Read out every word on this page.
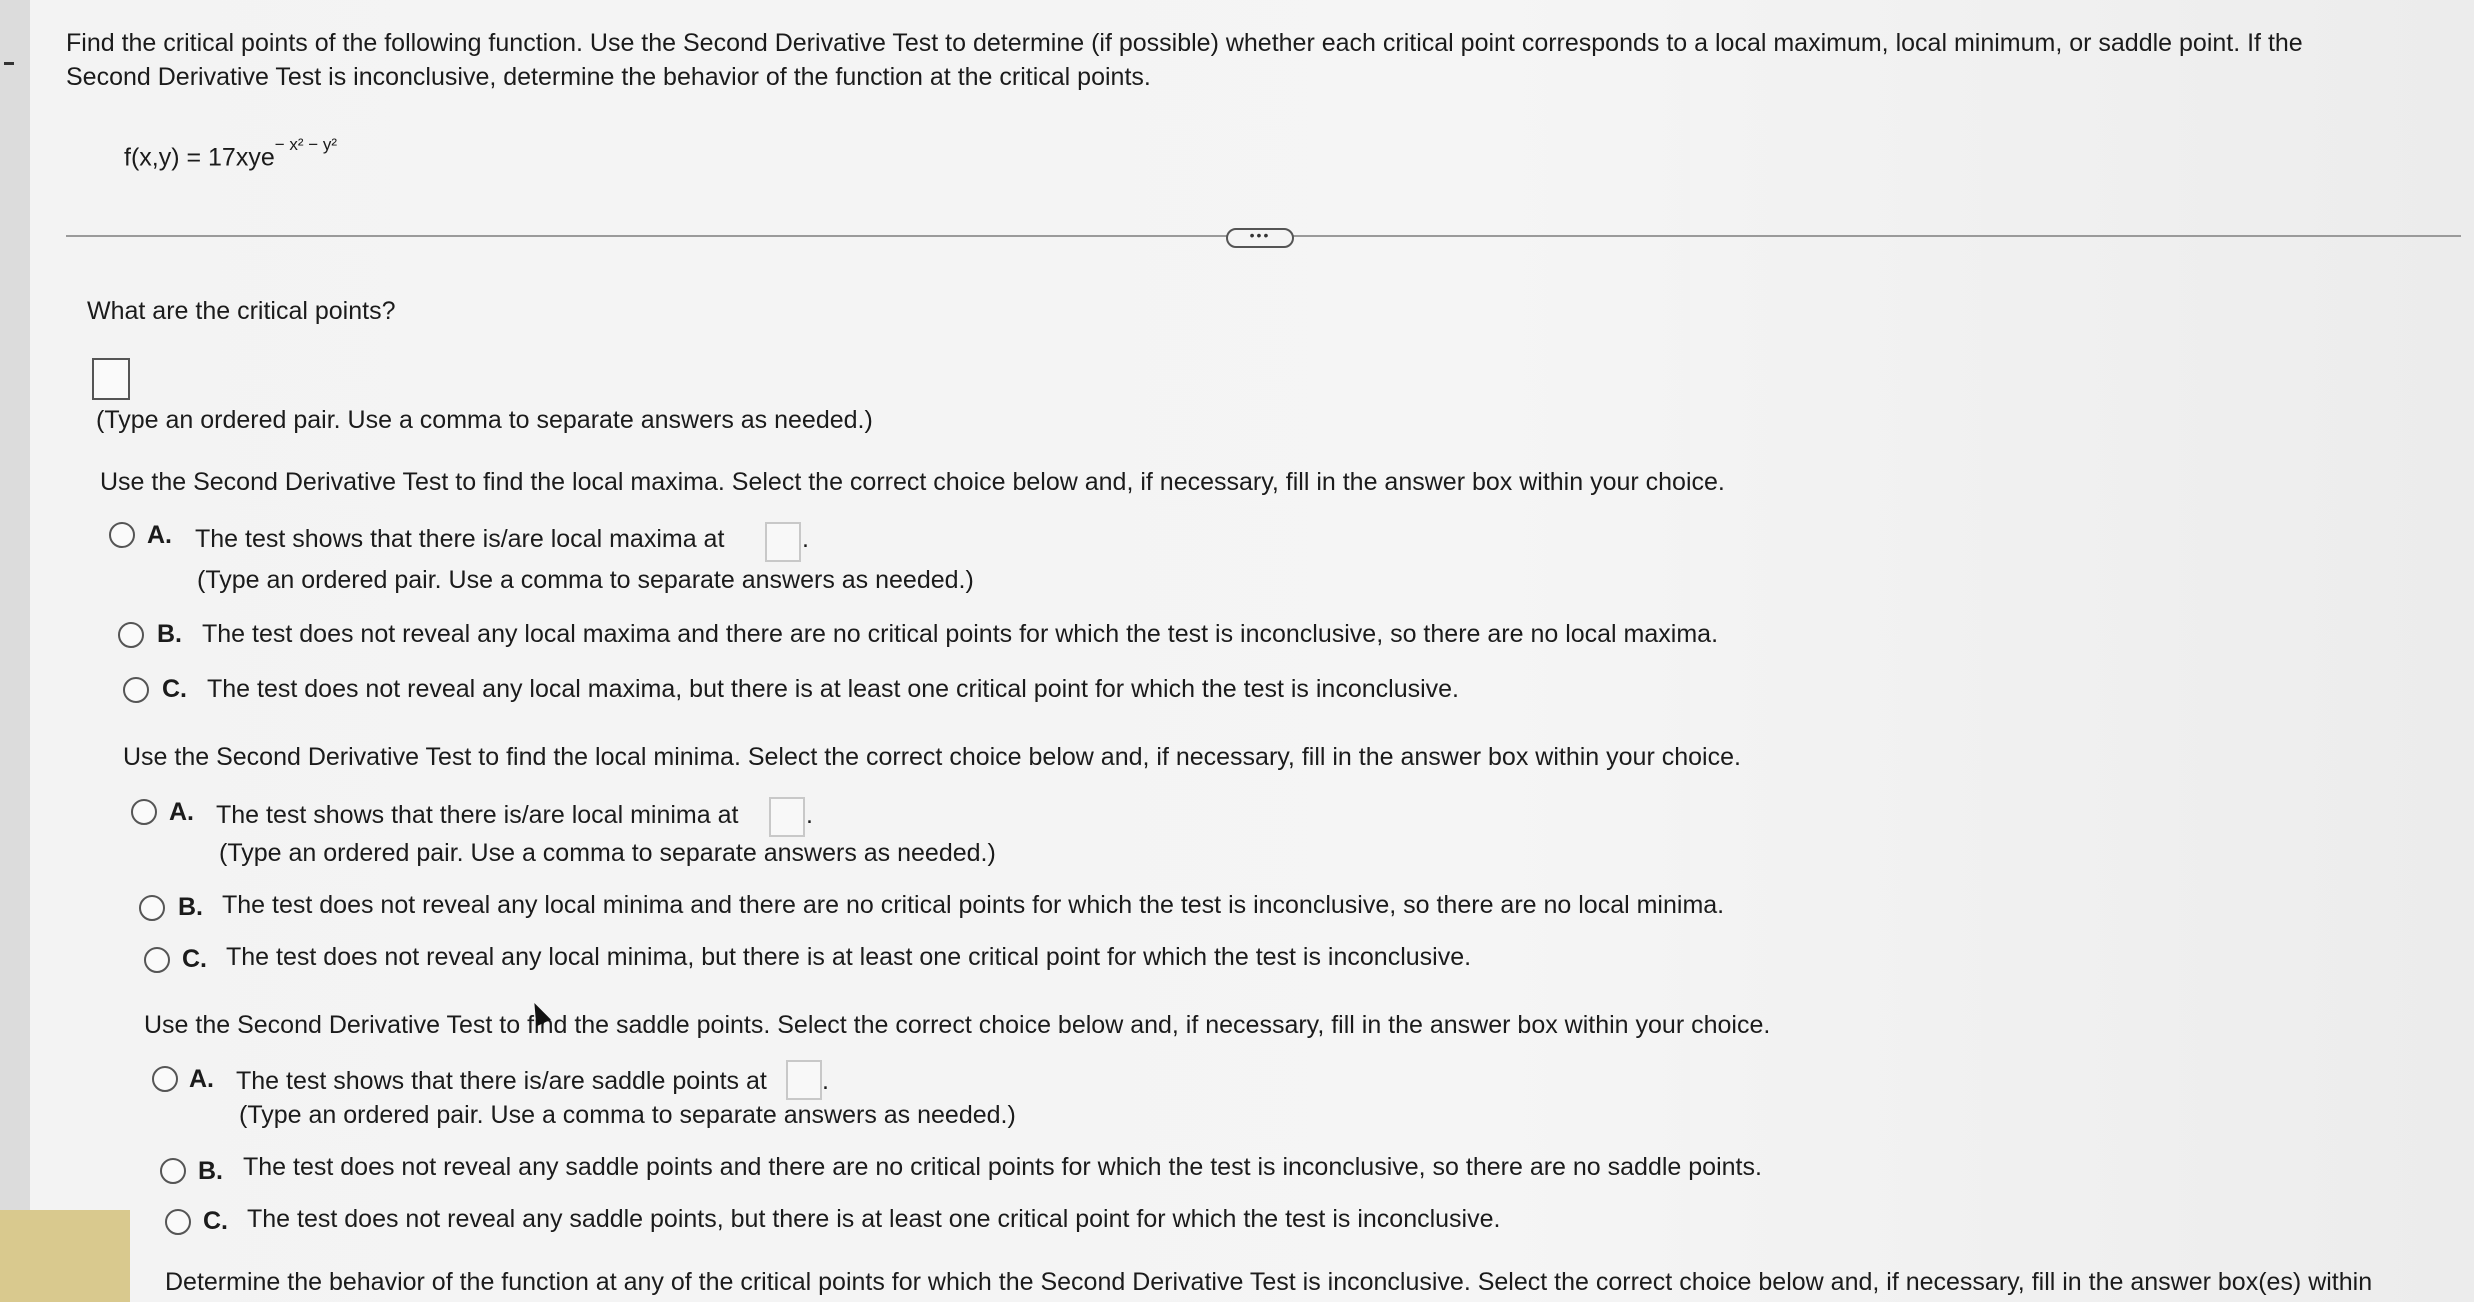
Find the critical points of the following function. Use the Second Derivative Test to determine (if possible) whether each critical point corresponds to a local maximum, local minimum, or saddle point. If the
Second Derivative Test is inconclusive, determine the behavior of the function at the critical points.
f(x,y) = 17xye$^{- x^2 - y^2}$
•••
What are the critical points?
(Type an ordered pair. Use a comma to separate answers as needed.)
Use the Second Derivative Test to find the local maxima. Select the correct choice below and, if necessary, fill in the answer box within your choice.
A. The test shows that there is/are local maxima at	.
(Type an ordered pair. Use a comma to separate answers as needed.)
B. The test does not reveal any local maxima and there are no critical points for which the test is inconclusive, so there are no local maxima.
C. The test does not reveal any local maxima, but there is at least one critical point for which the test is inconclusive.
Use the Second Derivative Test to find the local minima. Select the correct choice below and, if necessary, fill in the answer box within your choice.
A. The test shows that there is/are local minima at	.
(Type an ordered pair. Use a comma to separate answers as needed.)
B. The test does not reveal any local minima and there are no critical points for which the test is inconclusive, so there are no local minima.
C. The test does not reveal any local minima, but there is at least one critical point for which the test is inconclusive.
Use the Second Derivative Test to find the saddle points. Select the correct choice below and, if necessary, fill in the answer box within your choice.
A. The test shows that there is/are saddle points at .
(Type an ordered pair. Use a comma to separate answers as needed.)
B. The test does not reveal any saddle points and there are no critical points for which the test is inconclusive, so there are no saddle points.
C. The test does not reveal any saddle points, but there is at least one critical point for which the test is inconclusive.
Determine the behavior of the function at any of the critical points for which the Second Derivative Test is inconclusive. Select the correct choice below and, if necessary, fill in the answer box(es) within
